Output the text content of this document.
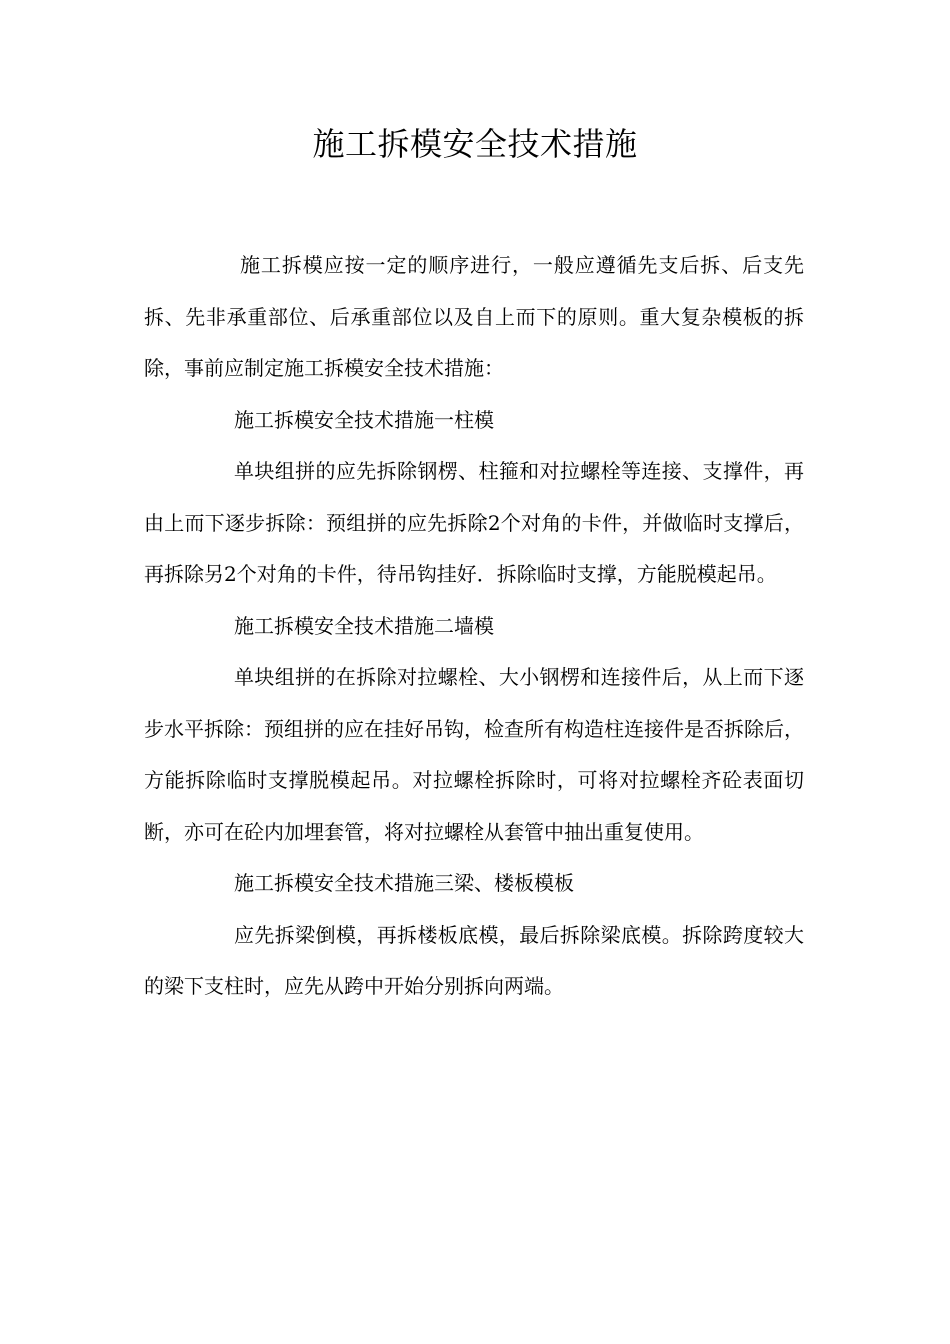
施工拆模安全技术措施

施工拆模应按一定的顺序进行，一般应遵循先支后拆、后支先拆、先非承重部位、后承重部位以及自上而下的原则。重大复杂模板的拆除，事前应制定施工拆模安全技术措施：

施工拆模安全技术措施一柱模

单块组拼的应先拆除钢楞、柱箍和对拉螺栓等连接、支撑件，再由上而下逐步拆除：预组拼的应先拆除2个对角的卡件，并做临时支撑后，再拆除另2个对角的卡件，待吊钩挂好．拆除临时支撑，方能脱模起吊。

施工拆模安全技术措施二墙模

单块组拼的在拆除对拉螺栓、大小钢楞和连接件后，从上而下逐步水平拆除：预组拼的应在挂好吊钩，检查所有构造柱连接件是否拆除后，方能拆除临时支撑脱模起吊。对拉螺栓拆除时，可将对拉螺栓齐砼表面切断，亦可在砼内加埋套管，将对拉螺栓从套管中抽出重复使用。

施工拆模安全技术措施三梁、楼板模板

应先拆梁倒模，再拆楼板底模，最后拆除梁底模。拆除跨度较大的梁下支柱时，应先从跨中开始分别拆向两端。
